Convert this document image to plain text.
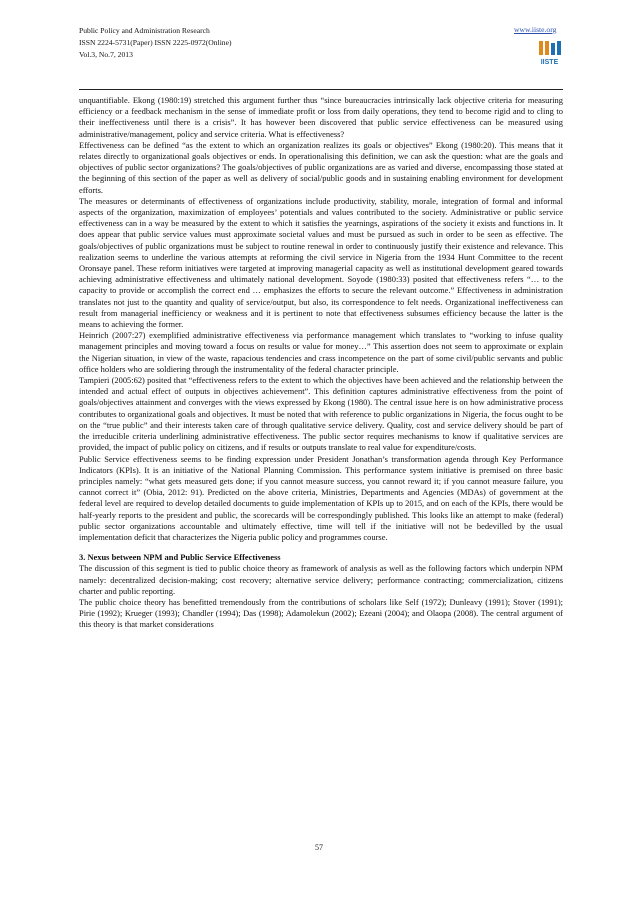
Public Policy and Administration Research
ISSN 2224-5731(Paper) ISSN 2225-0972(Online)
Vol.3, No.7, 2013
www.iiste.org
IISTE

unquantifiable. Ekong (1980:19) stretched this argument further thus “since bureaucracies intrinsically lack objective criteria for measuring efficiency or a feedback mechanism in the sense of immediate profit or loss from daily operations, they tend to become rigid and to cling to their ineffectiveness until there is a crisis”. It has however been discovered that public service effectiveness can be measured using administrative/management, policy and service criteria. What is effectiveness?

Effectiveness can be defined “as the extent to which an organization realizes its goals or objectives” Ekong (1980:20). This means that it relates directly to organizational goals objectives or ends. In operationalising this definition, we can ask the question: what are the goals and objectives of public sector organizations? The goals/objectives of public organizations are as varied and diverse, encompassing those stated at the beginning of this section of the paper as well as delivery of social/public goods and in sustaining enabling environment for development efforts.

The measures or determinants of effectiveness of organizations include productivity, stability, morale, integration of formal and informal aspects of the organization, maximization of employees’ potentials and values contributed to the society. Administrative or public service effectiveness can in a way be measured by the extent to which it satisfies the yearnings, aspirations of the society it exists and functions in. It does appear that public service values must approximate societal values and must be pursued as such in order to be seen as effective. The goals/objectives of public organizations must be subject to routine renewal in order to continuously justify their existence and relevance. This realization seems to underline the various attempts at reforming the civil service in Nigeria from the 1934 Hunt Committee to the recent Oronsaye panel. These reform initiatives were targeted at improving managerial capacity as well as institutional development geared towards achieving administrative effectiveness and ultimately national development. Soyode (1980:33) posited that effectiveness refers “… to the capacity to provide or accomplish the correct end … emphasizes the efforts to secure the relevant outcome.” Effectiveness in administration translates not just to the quantity and quality of service/output, but also, its correspondence to felt needs. Organizational ineffectiveness can result from managerial inefficiency or weakness and it is pertinent to note that effectiveness subsumes efficiency because the latter is the means to achieving the former.

Heinrich (2007:27) exemplified administrative effectiveness via performance management which translates to “working to infuse quality management principles and moving toward a focus on results or value for money…” This assertion does not seem to approximate or explain the Nigerian situation, in view of the waste, rapacious tendencies and crass incompetence on the part of some civil/public servants and public office holders who are soldiering through the instrumentality of the federal character principle.

Tampieri (2005:62) posited that “effectiveness refers to the extent to which the objectives have been achieved and the relationship between the intended and actual effect of outputs in objectives achievement”. This definition captures administrative effectiveness from the point of goals/objectives attainment and converges with the views expressed by Ekong (1980). The central issue here is on how administrative process contributes to organizational goals and objectives. It must be noted that with reference to public organizations in Nigeria, the focus ought to be on the “true public” and their interests taken care of through qualitative service delivery. Quality, cost and service delivery should be part of the irreducible criteria underlining administrative effectiveness. The public sector requires mechanisms to know if qualitative services are provided, the impact of public policy on citizens, and if results or outputs translate to real value for expenditure/costs.

Public Service effectiveness seems to be finding expression under President Jonathan’s transformation agenda through Key Performance Indicators (KPIs). It is an initiative of the National Planning Commission. This performance system initiative is premised on three basic principles namely: “what gets measured gets done; if you cannot measure success, you cannot reward it; if you cannot measure failure, you cannot correct it” (Obia, 2012: 91). Predicted on the above criteria, Ministries, Departments and Agencies (MDAs) of government at the federal level are required to develop detailed documents to guide implementation of KPIs up to 2015, and on each of the KPIs, there would be half-yearly reports to the president and public, the scorecards will be correspondingly published. This looks like an attempt to make (federal) public sector organizations accountable and ultimately effective, time will tell if the initiative will not be bedevilled by the usual implementation deficit that characterizes the Nigeria public policy and programmes course.

3. Nexus between NPM and Public Service Effectiveness

The discussion of this segment is tied to public choice theory as framework of analysis as well as the following factors which underpin NPM namely: decentralized decision-making; cost recovery; alternative service delivery; performance contracting; commercialization, citizens charter and public reporting.

The public choice theory has benefitted tremendously from the contributions of scholars like Self (1972); Dunleavy (1991); Stover (1991); Pirie (1992); Krueger (1993); Chandler (1994); Das (1998); Adamolekun (2002); Ezeani (2004); and Olaopa (2008). The central argument of this theory is that market considerations

57
